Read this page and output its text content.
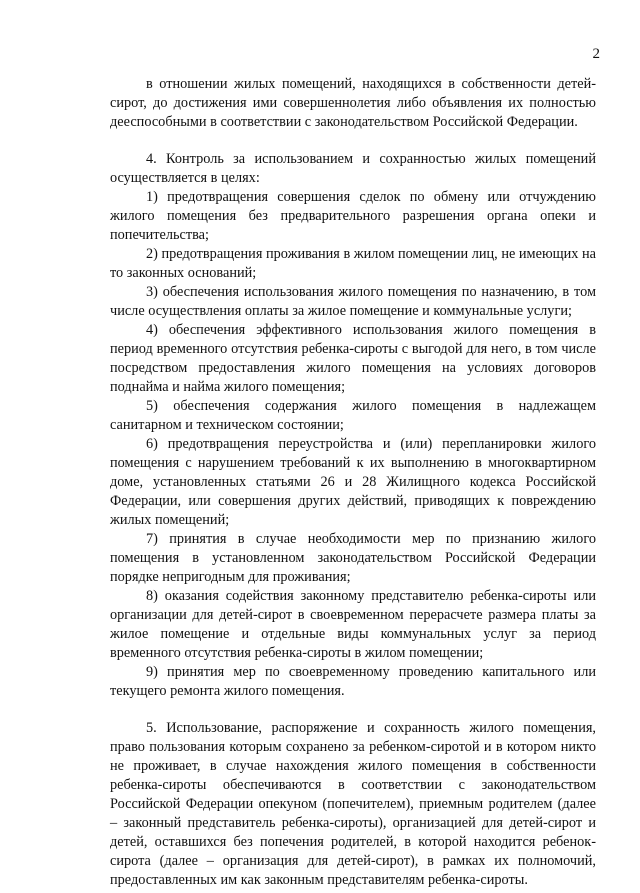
2

в отношении жилых помещений, находящихся в собственности детей-сирот, до достижения ими совершеннолетия либо объявления их полностью дееспособными в соответствии с законодательством Российской Федерации.

4. Контроль за использованием и сохранностью жилых помещений осуществляется в целях:

1) предотвращения совершения сделок по обмену или отчуждению жилого помещения без предварительного разрешения органа опеки и попечительства;

2) предотвращения проживания в жилом помещении лиц, не имеющих на то законных оснований;

3) обеспечения использования жилого помещения по назначению, в том числе осуществления оплаты за жилое помещение и коммунальные услуги;

4) обеспечения эффективного использования жилого помещения в период временного отсутствия ребенка-сироты с выгодой для него, в том числе посредством предоставления жилого помещения на условиях договоров поднайма и найма жилого помещения;

5) обеспечения содержания жилого помещения в надлежащем санитарном и техническом состоянии;

6) предотвращения переустройства и (или) перепланировки жилого помещения с нарушением требований к их выполнению в многоквартирном доме, установленных статьями 26 и 28 Жилищного кодекса Российской Федерации, или совершения других действий, приводящих к повреждению жилых помещений;

7) принятия в случае необходимости мер по признанию жилого помещения в установленном законодательством Российской Федерации порядке непригодным для проживания;

8) оказания содействия законному представителю ребенка-сироты или организации для детей-сирот в своевременном перерасчете размера платы за жилое помещение и отдельные виды коммунальных услуг за период временного отсутствия ребенка-сироты в жилом помещении;

9) принятия мер по своевременному проведению капитального или текущего ремонта жилого помещения.

5. Использование, распоряжение и сохранность жилого помещения, право пользования которым сохранено за ребенком-сиротой и в котором никто не проживает, в случае нахождения жилого помещения в собственности ребенка-сироты обеспечиваются в соответствии с законодательством Российской Федерации опекуном (попечителем), приемным родителем (далее – законный представитель ребенка-сироты), организацией для детей-сирот и детей, оставшихся без попечения родителей, в которой находится ребенок-сирота (далее – организация для детей-сирот), в рамках их полномочий, предоставленных им как законным представителям ребенка-сироты.
